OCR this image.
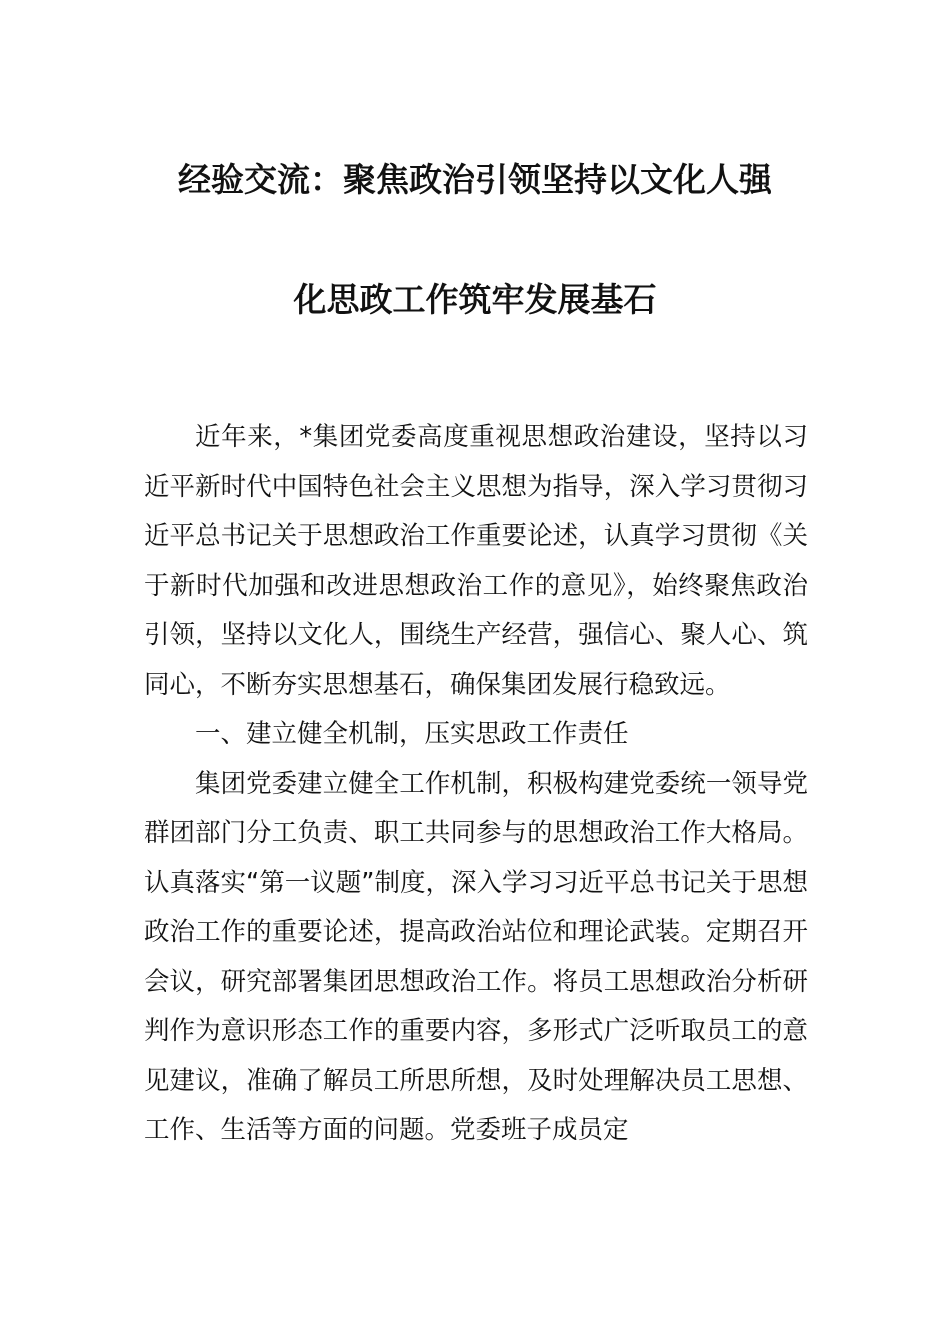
经验交流：聚焦政治引领坚持以文化人强
化思政工作筑牢发展基石

近年来，*集团党委高度重视思想政治建设，坚持以习近平新时代中国特色社会主义思想为指导，深入学习贯彻习近平总书记关于思想政治工作重要论述，认真学习贯彻《关于新时代加强和改进思想政治工作的意见》，始终聚焦政治引领，坚持以文化人，围绕生产经营，强信心、聚人心、筑同心，不断夯实思想基石，确保集团发展行稳致远。

一、建立健全机制，压实思政工作责任

集团党委建立健全工作机制，积极构建党委统一领导党群团部门分工负责、职工共同参与的思想政治工作大格局。认真落实“第一议题”制度，深入学习习近平总书记关于思想政治工作的重要论述，提高政治站位和理论武装。定期召开会议，研究部署集团思想政治工作。将员工思想政治分析研判作为意识形态工作的重要内容，多形式广泛听取员工的意见建议，准确了解员工所思所想，及时处理解决员工思想、工作、生活等方面的问题。党委班子成员定
